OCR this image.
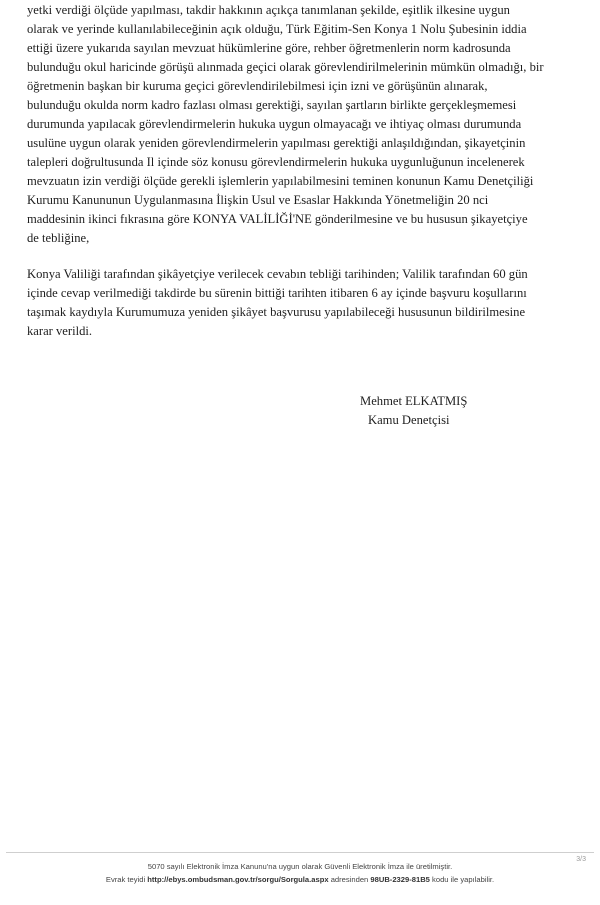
yetki verdiği ölçüde yapılması, takdir hakkının açıkça tanımlanan şekilde, eşitlik ilkesine uygun
olarak ve yerinde kullanılabileceğinin açık olduğu, Türk Eğitim-Sen Konya 1 Nolu Şubesinin iddia
ettiği üzere yukarıda sayılan mevzuat hükümlerine göre, rehber öğretmenlerin norm kadrosunda
bulunduğu okul haricinde görüşü alınmada geçici olarak görevlendirilmelerinin mümkün olmadığı, bir
öğretmenin başkan bir kuruma geçici görevlendirilebilmesi için izni ve görüşünün alınarak,
bulunduğu okulda norm kadro fazlası olması gerektiği, sayılan şartların birlikte gerçekleşmemesi
durumunda yapılacak görevlendirmelerin hukuka uygun olmayacağı ve ihtiyaç olması durumunda
usulüne uygun olarak yeniden görevlendirmelerin yapılması gerektiği anlaşıldığından, şikayetçinin
talepleri doğrultusunda Il içinde söz konusu görevlendirmelerin hukuka uygunluğunun incelenerek
mevzuatın izin verdiği ölçüde gerekli işlemlerin yapılabilmesini teminen konunun Kamu Denetçiliği
Kurumu Kanununun Uygulanmasına İlişkin Usul ve Esaslar Hakkında Yönetmeliğin 20 nci
maddesinin ikinci fıkrasına göre KONYA VALİLİĞİ'NE gönderilmesine ve bu hususun şikayetçiye
de tebliğine,
Konya Valiliği tarafından şikâyetçiye verilecek cevabın tebliği tarihinden; Valilik tarafından 60 gün
içinde cevap verilmediği takdirde bu sürenin bittiği tarihten itibaren 6 ay içinde başvuru koşullarını
taşımak kaydıyla Kurumumuza yeniden şikâyet başvurusu yapılabileceği hususunun bildirilmesine
karar verildi.
Mehmet ELKATMIŞ
Kamu Denetçisi
3/3
5070 sayılı Elektronik İmza Kanunu'na uygun olarak Güvenli Elektronik İmza ile üretilmiştir.
Evrak teyidi http://ebys.ombudsman.gov.tr/sorgu/Sorgula.aspx adresinden 98UB-2329-81B5 kodu ile yapılabilir.
